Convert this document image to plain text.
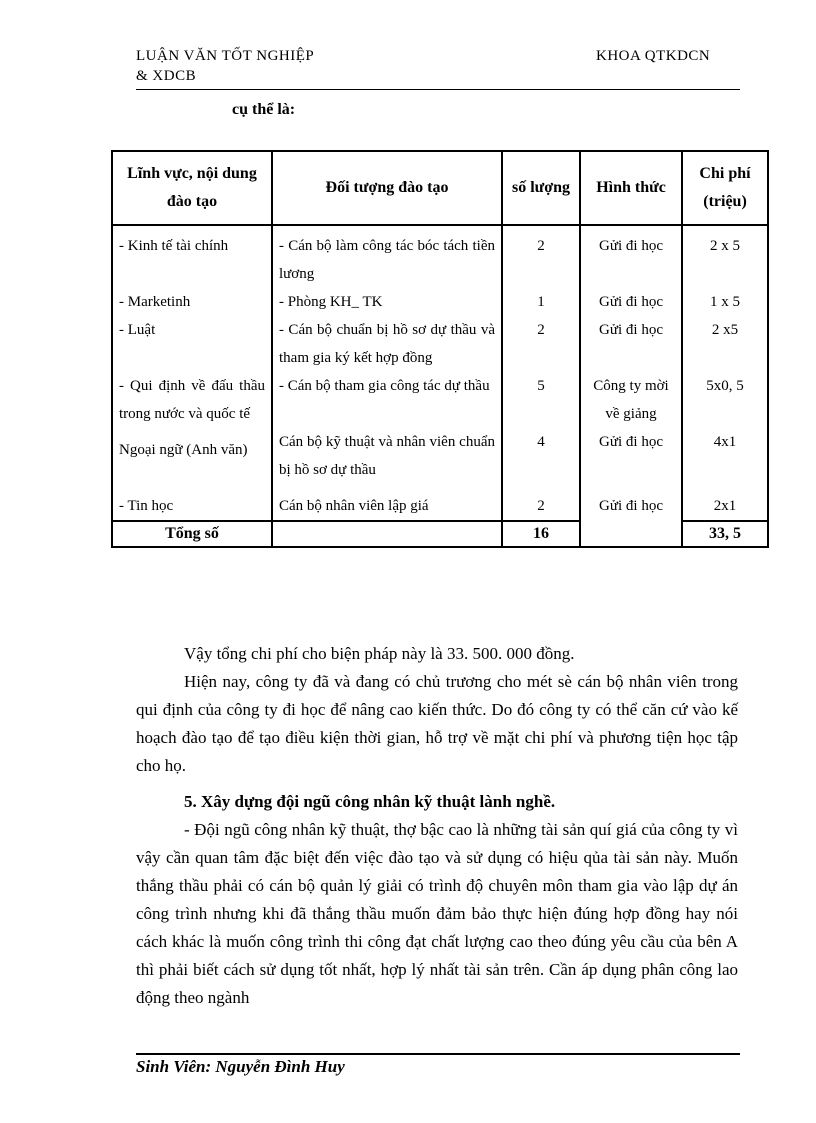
LUẬN VĂN TỐT NGHIỆP
& XDCB
KHOA QTKDCN
cụ thể là:
Lĩnh vực, nội dung đào tạo	Đối tượng đào tạo	số lượng	Hình thức	Chi phí (triệu)
- Kinh tế tài chính	- Cán bộ làm công tác bóc tách tiền lương	2	Gửi đi học	2 x 5
- Marketinh	- Phòng KH_ TK	1	Gửi đi học	1 x 5
- Luật	- Cán bộ chuẩn bị hồ sơ dự thầu và tham gia ký kết hợp đồng	2	Gửi đi học	2 x5
- Qui định về đấu thầu trong nước và quốc tế	- Cán bộ tham gia công tác dự thầu	5	Công ty mời về giảng	5x0, 5
Ngoại ngữ (Anh văn)	Cán bộ kỹ thuật và nhân viên chuẩn bị hồ sơ dự thầu	4	Gửi đi học	4x1
- Tin học	Cán bộ nhân viên lập giá	2	Gửi đi học	2x1
Tổng số		16		33, 5

Vậy tổng chi phí cho biện pháp này là 33. 500. 000 đồng.

Hiện nay, công ty đã và đang có chủ trương cho mét sè cán bộ nhân viên trong qui định của công ty đi học để nâng cao kiến thức. Do đó công ty có thể căn cứ vào kế hoạch đào tạo để tạo điều kiện thời gian, hỗ trợ về mặt chi phí và phương tiện học tập cho họ.

5. Xây dựng đội ngũ công nhân kỹ thuật lành nghề.

- Đội ngũ công nhân kỹ thuật, thợ bậc cao là những tài sản quí giá của công ty vì vậy cần quan tâm đặc biệt đến việc đào tạo và sử dụng có hiệu qủa tài sản này. Muốn thắng thầu phải có cán bộ quản lý giải có trình độ chuyên môn tham gia vào lập dự án công trình nhưng khi đã thắng thầu muốn đảm bảo thực hiện đúng hợp đồng hay nói cách khác là muốn công trình thi công đạt chất lượng cao theo đúng yêu cầu của bên A thì phải biết cách sử dụng tốt nhất, hợp lý nhất tài sản trên. Cần áp dụng phân công lao động theo ngành

Sinh Viên: Nguyễn Đình Huy
